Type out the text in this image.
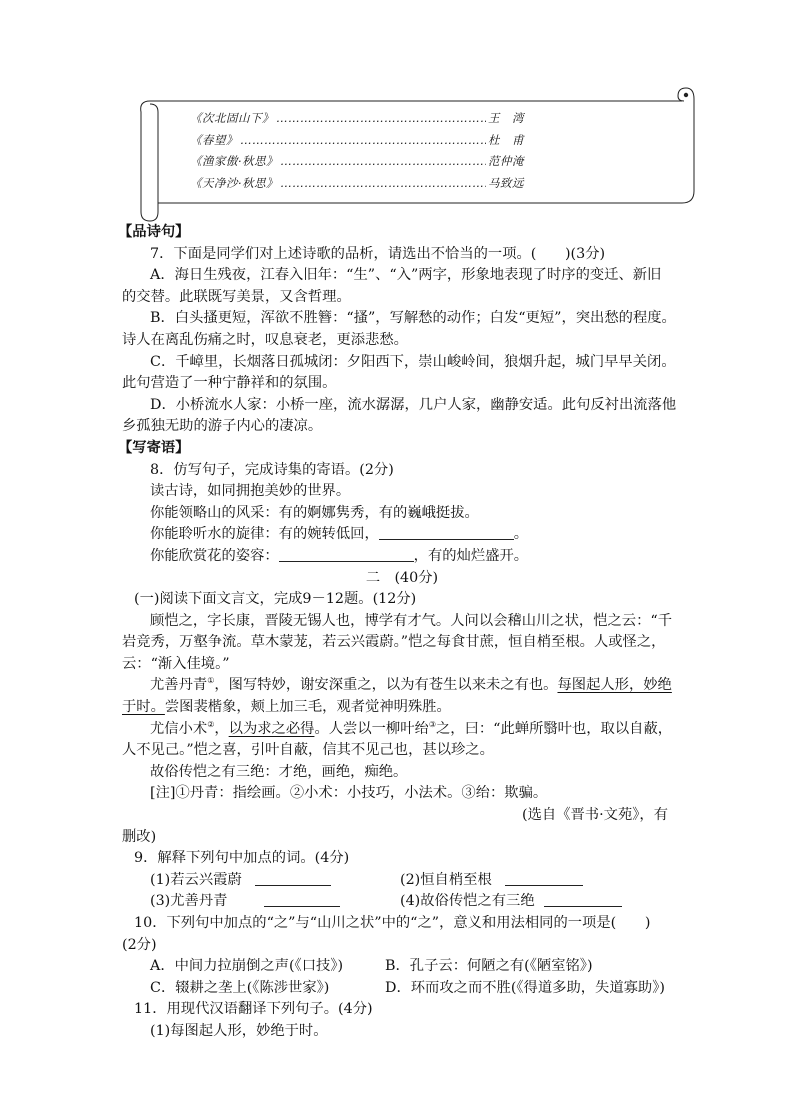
《次北固山下》 ……………………………………………………………………………………………………	王　湾
《春望》 ……………………………………………………………………………………………………	杜　甫
《渔家傲·秋思》 ……………………………………………………………………………………………………	范仲淹
《天净沙·秋思》 ……………………………………………………………………………………………………	马致远
【品诗句】
7．下面是同学们对上述诗歌的品析，请选出不恰当的一项。(　　)(3分)
A．海日生残夜，江春入旧年：“生”、“入”两字，形象地表现了时序的变迁、新旧
的交替。此联既写美景，又含哲理。
B．白头搔更短，浑欲不胜簪：“搔”，写解愁的动作；白发“更短”，突出愁的程度。
诗人在离乱伤痛之时，叹息衰老，更添悲愁。
C．千嶂里，长烟落日孤城闭：夕阳西下，崇山峻岭间，狼烟升起，城门早早关闭。
此句营造了一种宁静祥和的氛围。
D．小桥流水人家：小桥一座，流水潺潺，几户人家，幽静安适。此句反衬出流落他
乡孤独无助的游子内心的凄凉。
【写寄语】
8．仿写句子，完成诗集的寄语。(2分)
读古诗，如同拥抱美妙的世界。
你能领略山的风采：有的婀娜隽秀，有的巍峨挺拔。
你能聆听水的旋律：有的婉转低回，	。
你能欣赏花的姿容：	，有的灿烂盛开。
二　(40分)
(一)阅读下面文言文，完成9－12题。(12分)
顾恺之，字长康，晋陵无锡人也，博学有才气。人问以会稽山川之状，恺之云：“千
岩竞秀，万壑争流。草木蒙茏，若云兴霞蔚。”恺之每食甘蔗，恒自梢至根。人或怪之，
云：“渐入佳境。”
尤善丹青①，图写特妙，谢安深重之，以为有苍生以来未之有也。每图起人形，妙绝
于时。尝图裴楷象，颊上加三毛，观者觉神明殊胜。
尤信小术②，以为求之必得。人尝以一柳叶绐③之，曰：“此蝉所翳叶也，取以自蔽，
人不见己。”恺之喜，引叶自蔽，信其不见己也，甚以珍之。
故俗传恺之有三绝：才绝，画绝，痴绝。
[注]①丹青：指绘画。②小术：小技巧，小法术。③绐：欺骗。
(选自《晋书·文苑》，有
删改)
9．解释下列句中加点的词。(4分)
(1)若云兴霞蔚	(2)恒自梢至根
(3)尤善丹青	(4)故俗传恺之有三绝
10．下列句中加点的“之”与“山川之状”中的“之”，意义和用法相同的一项是(　　)
(2分)
A．中间力拉崩倒之声(《口技》)	B．孔子云：何陋之有(《陋室铭》)
C．辍耕之垄上(《陈涉世家》)	D．环而攻之而不胜(《得道多助，失道寡助》)
11．用现代汉语翻译下列句子。(4分)
(1)每图起人形，妙绝于时。
